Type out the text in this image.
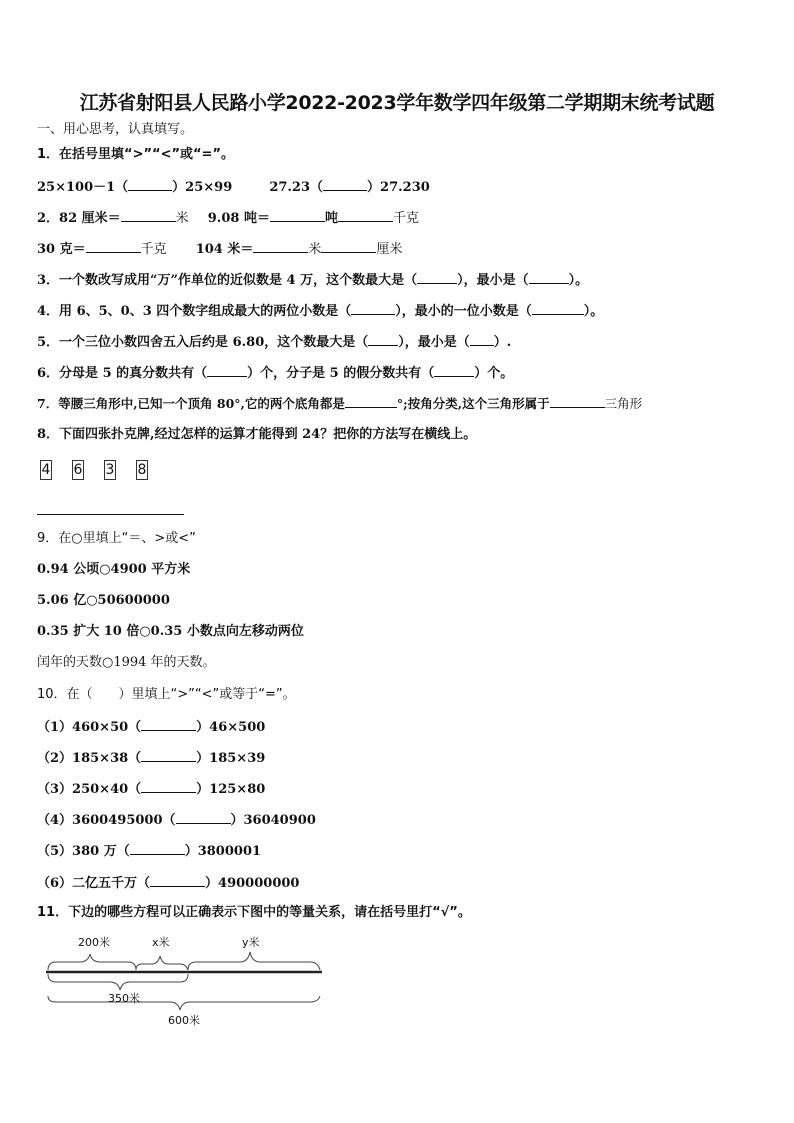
江苏省射阳县人民路小学2022-2023学年数学四年级第二学期期末统考试题
一、用心思考，认真填写。
1．在括号里填“>”“<”或“=”。
25×100－1（	）25×99	27.23（	）27.230
2．82 厘米＝	米 9.08 吨＝	吨	千克
30 克＝	千克 104 米＝	米	厘米
3．一个数改写成用“万”作单位的近似数是 4 万，这个数最大是（	），最小是（	）。
4．用 6、5、0、3 四个数字组成最大的两位小数是（	），最小的一位小数是（	）。
5．一个三位小数四舍五入后约是 6.80，这个数最大是（ ），最小是（ ）.
6．分母是 5 的真分数共有（	）个，分子是 5 的假分数共有（	）个。
7．等腰三角形中,已知一个顶角 80°,它的两个底角都是	°;按角分类,这个三角形属于	三角形
8．下面四张扑克牌,经过怎样的运算才能得到 24？把你的方法写在横线上。
4 6 3 8
9．在○里填上“＝、>或<”
0.94 公顷○4900 平方米
5.06 亿○50600000
0.35 扩大 10 倍○0.35 小数点向左移动两位
闰年的天数○1994 年的天数。
10．在（　　）里填上“>”“<”或等于“=”。
（1）460×50（	）46×500
（2）185×38（	）185×39
（3）250×40（	）125×80
（4）3600495000（	）36040900
（5）380 万（	）3800001
（6）二亿五千万（	）490000000
11．下边的哪些方程可以正确表示下图中的等量关系，请在括号里打“√”。
200米	x米	y米
350米
600米
